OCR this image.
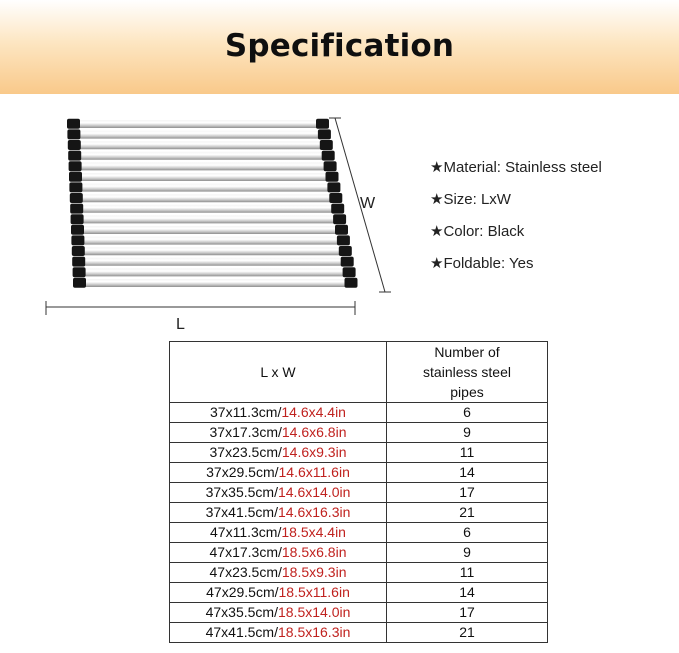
Specification
W
L
★Material: Stainless steel
★Size: LxW
★Color: Black
★Foldable: Yes
L x W	Number of stainless steel pipes

37x11.3cm/14.6x4.4in	6
37x17.3cm/14.6x6.8in	9
37x23.5cm/14.6x9.3in	11
37x29.5cm/14.6x11.6in	14
37x35.5cm/14.6x14.0in	17
37x41.5cm/14.6x16.3in	21
47x11.3cm/18.5x4.4in	6
47x17.3cm/18.5x6.8in	9
47x23.5cm/18.5x9.3in	11
47x29.5cm/18.5x11.6in	14
47x35.5cm/18.5x14.0in	17
47x41.5cm/18.5x16.3in	21
